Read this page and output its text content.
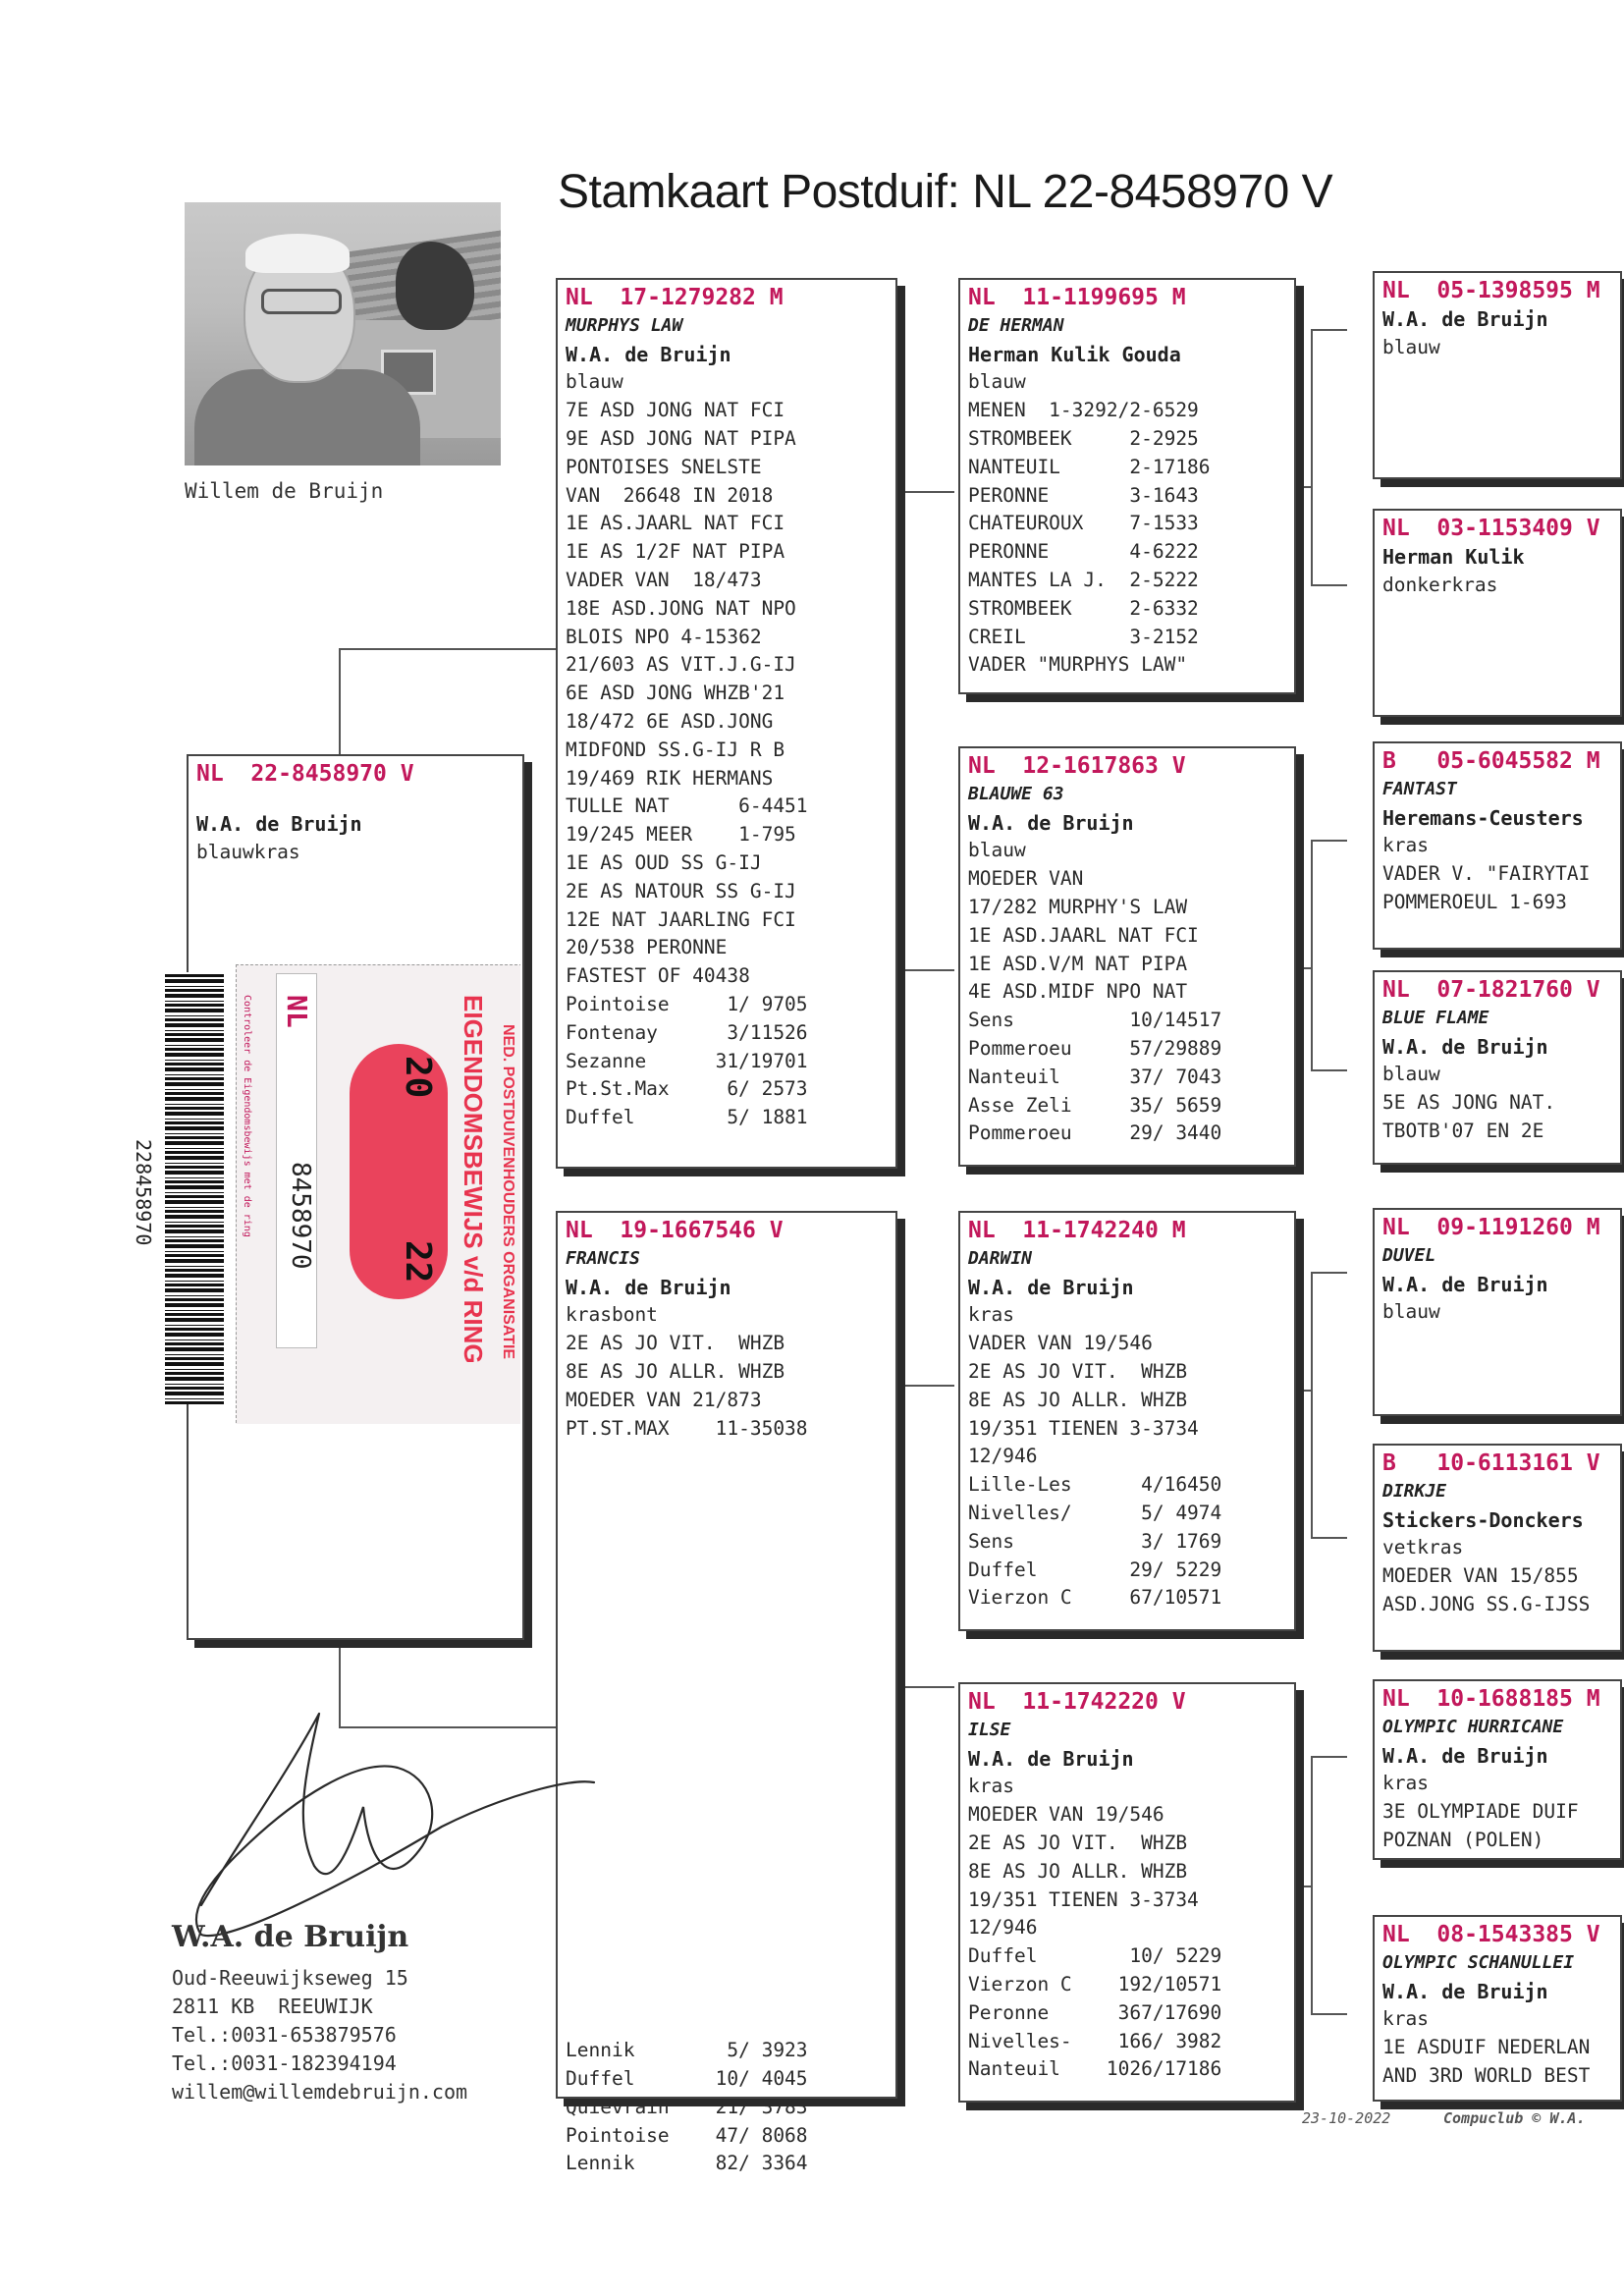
Stamkaart Postduif: NL 22-8458970 V
Willem de Bruijn
NL  22-8458970 V
W.A. de Bruijn
blauwkras
NL
8458970
20
22 EIGENDOMSBEWIJS v/d RING NED. POSTDUIVENHOUDERS ORGANISATIE
Controleer de Eigendomsbewijs met de ring
228458970
NL  17-1279282 M
MURPHYS LAW
W.A. de Bruijn
blauw
7E ASD JONG NAT FCI
9E ASD JONG NAT PIPA
PONTOISES SNELSTE
VAN  26648 IN 2018
1E AS.JAARL NAT FCI
1E AS 1/2F NAT PIPA
VADER VAN  18/473
18E ASD.JONG NAT NPO
BLOIS NPO 4-15362
21/603 AS VIT.J.G-IJ
6E ASD JONG WHZB'21
18/472 6E ASD.JONG
MIDFOND SS.G-IJ R B
19/469 RIK HERMANS
TULLE NAT      6-4451
19/245 MEER    1-795
1E AS OUD SS G-IJ
2E AS NATOUR SS G-IJ
12E NAT JAARLING FCI
20/538 PERONNE
FASTEST OF 40438
Pointoise     1/ 9705
Fontenay      3/11526
Sezanne      31/19701
Pt.St.Max     6/ 2573
Duffel        5/ 1881
NL  19-1667546 V
FRANCIS
W.A. de Bruijn
krasbont
2E AS JO VIT.  WHZB
8E AS JO ALLR. WHZB
MOEDER VAN 21/873
PT.ST.MAX    11-35038

Lennik        5/ 3923
Duffel       10/ 4045
Quievrain    21/ 3783
Pointoise    47/ 8068
Lennik       82/ 3364
NL  11-1199695 M
DE HERMAN
Herman Kulik Gouda
blauw
MENEN  1-3292/2-6529
STROMBEEK     2-2925
NANTEUIL      2-17186
PERONNE       3-1643
CHATEUROUX    7-1533
PERONNE       4-6222
MANTES LA J.  2-5222
STROMBEEK     2-6332
CREIL         3-2152
VADER "MURPHYS LAW"
NL  12-1617863 V
BLAUWE 63
W.A. de Bruijn
blauw
MOEDER VAN
17/282 MURPHY'S LAW
1E ASD.JAARL NAT FCI
1E ASD.V/M NAT PIPA
4E ASD.MIDF NPO NAT
Sens          10/14517
Pommeroeu     57/29889
Nanteuil      37/ 7043
Asse Zeli     35/ 5659
Pommeroeu     29/ 3440
NL  11-1742240 M
DARWIN
W.A. de Bruijn
kras
VADER VAN 19/546
2E AS JO VIT.  WHZB
8E AS JO ALLR. WHZB
19/351 TIENEN 3-3734
12/946
Lille-Les      4/16450
Nivelles/      5/ 4974
Sens           3/ 1769
Duffel        29/ 5229
Vierzon C     67/10571
NL  11-1742220 V
ILSE
W.A. de Bruijn
kras
MOEDER VAN 19/546
2E AS JO VIT.  WHZB
8E AS JO ALLR. WHZB
19/351 TIENEN 3-3734
12/946
Duffel        10/ 5229
Vierzon C    192/10571
Peronne      367/17690
Nivelles-    166/ 3982
Nanteuil    1026/17186
NL  05-1398595 M
W.A. de Bruijn
blauw
NL  03-1153409 V
Herman Kulik
donkerkras
B   05-6045582 M
FANTAST
Heremans-Ceusters
kras
VADER V. "FAIRYTAI
POMMEROEUL 1-693
NL  07-1821760 V
BLUE FLAME
W.A. de Bruijn
blauw
5E AS JONG NAT.
TBOTB'07 EN 2E
NL  09-1191260 M
DUVEL
W.A. de Bruijn
blauw
B   10-6113161 V
DIRKJE
Stickers-Donckers
vetkras
MOEDER VAN 15/855
ASD.JONG SS.G-IJSS
NL  10-1688185 M
OLYMPIC HURRICANE
W.A. de Bruijn
kras
3E OLYMPIADE DUIF
POZNAN (POLEN)
NL  08-1543385 V
OLYMPIC SCHANULLEI
W.A. de Bruijn
kras
1E ASDUIF NEDERLAN
AND 3RD WORLD BEST
W.A. de Bruijn
Oud-Reeuwijkseweg 15
2811 KB  REEUWIJK
Tel.:0031-653879576
Tel.:0031-182394194
willem@willemdebruijn.com
23-10-2022	Compuclub © W.A.
